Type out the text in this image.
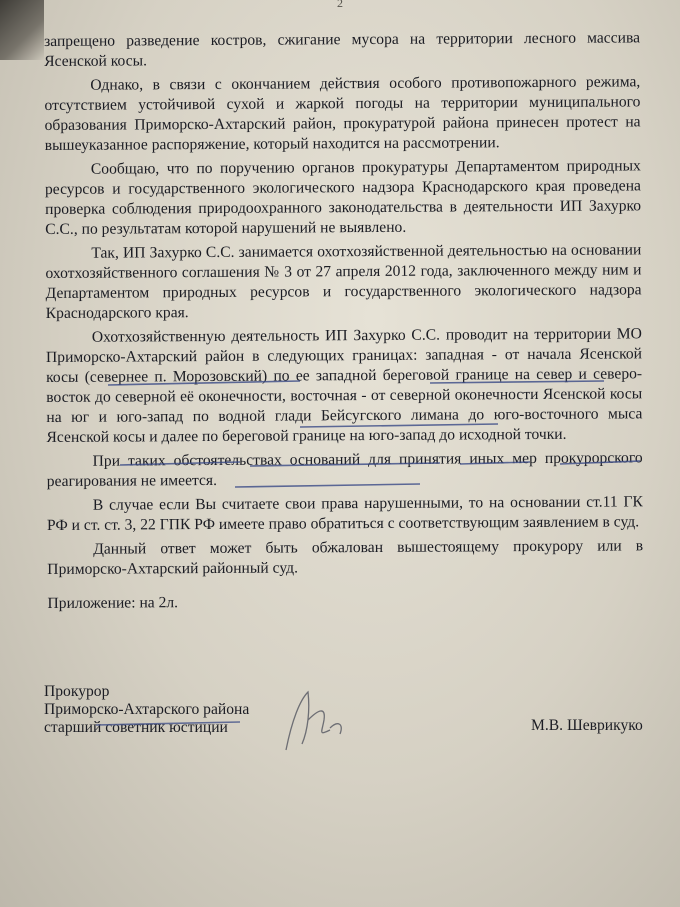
2

запрещено разведение костров, сжигание мусора на территории лесного массива Ясенской косы.

Однако, в связи с окончанием действия особого противопожарного режима, отсутствием устойчивой сухой и жаркой погоды на территории муниципального образования Приморско-Ахтарский район, прокуратурой района принесен протест на вышеуказанное распоряжение, который находится на рассмотрении.

Сообщаю, что по поручению органов прокуратуры Департаментом природных ресурсов и государственного экологического надзора Краснодарского края проведена проверка соблюдения природоохранного законодательства в деятельности ИП Захурко С.С., по результатам которой нарушений не выявлено.

Так, ИП Захурко С.С. занимается охотхозяйственной деятельностью на основании охотхозяйственного соглашения № 3 от 27 апреля 2012 года, заключенного между ним и Департаментом природных ресурсов и государственного экологического надзора Краснодарского края.

Охотхозяйственную деятельность ИП Захурко С.С. проводит на территории МО Приморско-Ахтарский район в следующих границах: западная - от начала Ясенской косы (севернее п. Морозовский) по ее западной береговой границе на север и северо-восток до северной её оконечности, восточная - от северной оконечности Ясенской косы на юг и юго-запад по водной глади Бейсугского лимана до юго-восточного мыса Ясенской косы и далее по береговой границе на юго-запад до исходной точки.

При таких обстоятельствах оснований для принятия иных мер прокурорского реагирования не имеется.

В случае если Вы считаете свои права нарушенными, то на основании ст.11 ГК РФ и ст. ст. 3, 22 ГПК РФ имеете право обратиться с соответствующим заявлением в суд.

Данный ответ может быть обжалован вышестоящему прокурору или в Приморско-Ахтарский районный суд.

Приложение: на 2л.

Прокурор
Приморско-Ахтарского района
старший советник юстиции	М.В. Шеврикуко
